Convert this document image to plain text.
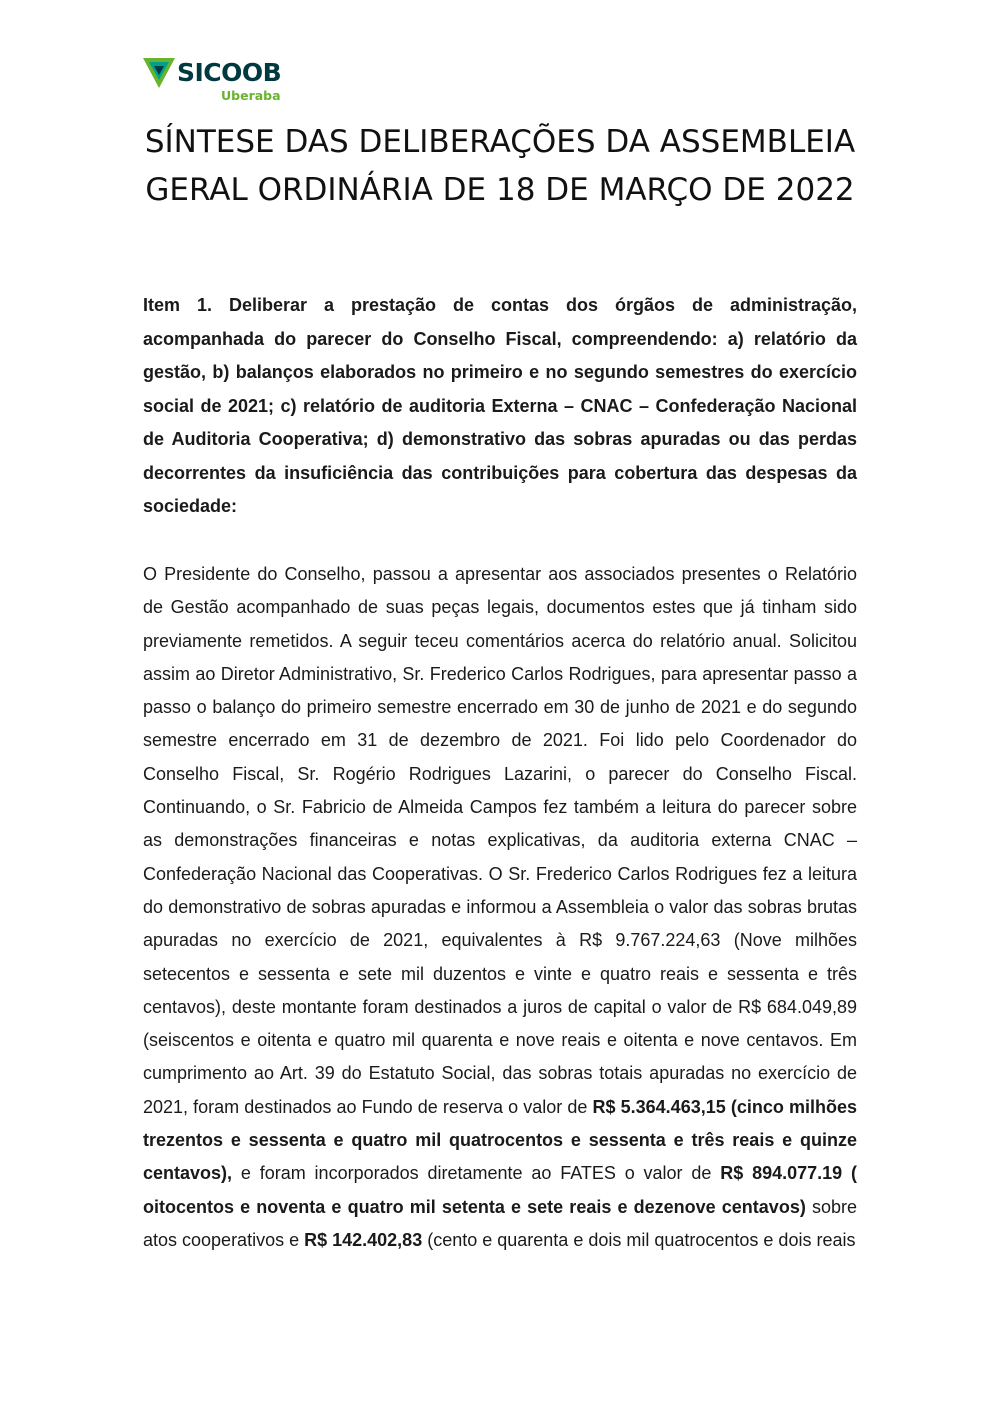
SICOOB
Uberaba
SÍNTESE DAS DELIBERAÇÕES DA ASSEMBLEIA GERAL ORDINÁRIA DE 18 DE MARÇO DE 2022

Item 1. Deliberar a prestação de contas dos órgãos de administração, acompanhada do parecer do Conselho Fiscal, compreendendo: a) relatório da gestão, b) balanços elaborados no primeiro e no segundo semestres do exercício social de 2021; c) relatório de auditoria Externa – CNAC – Confederação Nacional de Auditoria Cooperativa; d) demonstrativo das sobras apuradas ou das perdas decorrentes da insuficiência das contribuições para cobertura das despesas da sociedade:

O Presidente do Conselho, passou a apresentar aos associados presentes o Relatório de Gestão acompanhado de suas peças legais, documentos estes que já tinham sido previamente remetidos. A seguir teceu comentários acerca do relatório anual. Solicitou assim ao Diretor Administrativo, Sr. Frederico Carlos Rodrigues, para apresentar passo a passo o balanço do primeiro semestre encerrado em 30 de junho de 2021 e do segundo semestre encerrado em 31 de dezembro de 2021. Foi lido pelo Coordenador do Conselho Fiscal, Sr. Rogério Rodrigues Lazarini, o parecer do Conselho Fiscal. Continuando, o Sr. Fabricio de Almeida Campos fez também a leitura do parecer sobre as demonstrações financeiras e notas explicativas, da auditoria externa CNAC – Confederação Nacional das Cooperativas. O Sr. Frederico Carlos Rodrigues fez a leitura do demonstrativo de sobras apuradas e informou a Assembleia o valor das sobras brutas apuradas no exercício de 2021, equivalentes à R$ 9.767.224,63 (Nove milhões setecentos e sessenta e sete mil duzentos e vinte e quatro reais e sessenta e três centavos), deste montante foram destinados a juros de capital o valor de R$ 684.049,89 (seiscentos e oitenta e quatro mil quarenta e nove reais e oitenta e nove centavos. Em cumprimento ao Art. 39 do Estatuto Social, das sobras totais apuradas no exercício de 2021, foram destinados ao Fundo de reserva o valor de R$ 5.364.463,15 (cinco milhões trezentos e sessenta e quatro mil quatrocentos e sessenta e três reais e quinze centavos), e foram incorporados diretamente ao FATES o valor de R$ 894.077.19 ( oitocentos e noventa e quatro mil setenta e sete reais e dezenove centavos) sobre atos cooperativos e R$ 142.402,83 (cento e quarenta e dois mil quatrocentos e dois reais
